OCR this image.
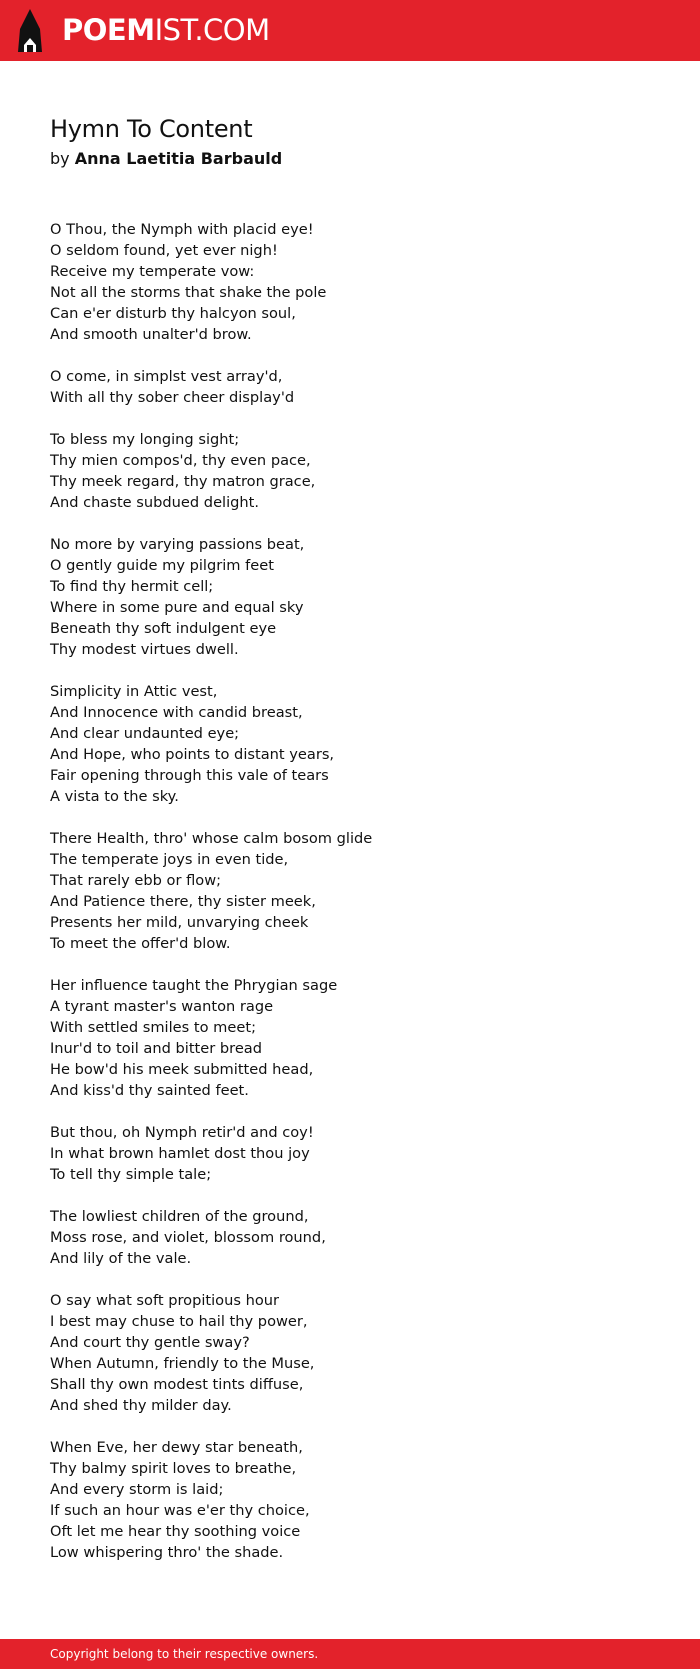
POEMIST.COM
Hymn To Content
by Anna Laetitia Barbauld
O Thou, the Nymph with placid eye!
O seldom found, yet ever nigh!
Receive my temperate vow:
Not all the storms that shake the pole
Can e'er disturb thy halcyon soul,
And smooth unalter'd brow.
O come, in simplst vest array'd,
With all thy sober cheer display'd
To bless my longing sight;
Thy mien compos'd, thy even pace,
Thy meek regard, thy matron grace,
And chaste subdued delight.
No more by varying passions beat,
O gently guide my pilgrim feet
To find thy hermit cell;
Where in some pure and equal sky
Beneath thy soft indulgent eye
Thy modest virtues dwell.
Simplicity in Attic vest,
And Innocence with candid breast,
And clear undaunted eye;
And Hope, who points to distant years,
Fair opening through this vale of tears
A vista to the sky.
There Health, thro' whose calm bosom glide
The temperate joys in even tide,
That rarely ebb or flow;
And Patience there, thy sister meek,
Presents her mild, unvarying cheek
To meet the offer'd blow.
Her influence taught the Phrygian sage
A tyrant master's wanton rage
With settled smiles to meet;
Inur'd to toil and bitter bread
He bow'd his meek submitted head,
And kiss'd thy sainted feet.
But thou, oh Nymph retir'd and coy!
In what brown hamlet dost thou joy
To tell thy simple tale;
The lowliest children of the ground,
Moss rose, and violet, blossom round,
And lily of the vale.
O say what soft propitious hour
I best may chuse to hail thy power,
And court thy gentle sway?
When Autumn, friendly to the Muse,
Shall thy own modest tints diffuse,
And shed thy milder day.
When Eve, her dewy star beneath,
Thy balmy spirit loves to breathe,
And every storm is laid;
If such an hour was e'er thy choice,
Oft let me hear thy soothing voice
Low whispering thro' the shade.
Copyright belong to their respective owners.
